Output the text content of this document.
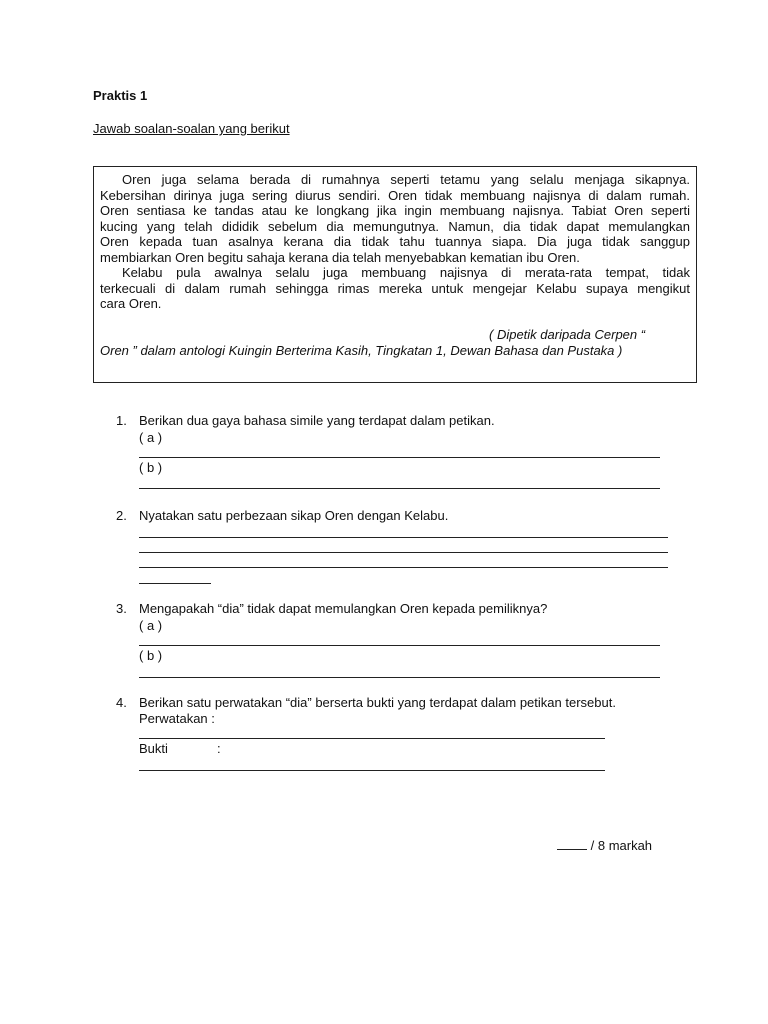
Praktis 1
Jawab soalan-soalan yang berikut

Oren juga selama berada di rumahnya seperti tetamu yang selalu menjaga sikapnya.

Kebersihan dirinya juga sering diurus sendiri. Oren tidak membuang najisnya di dalam rumah.

Oren sentiasa ke tandas atau ke longkang jika ingin membuang najisnya. Tabiat Oren seperti

kucing yang telah dididik sebelum dia memungutnya. Namun, dia tidak dapat memulangkan

Oren kepada tuan asalnya kerana dia tidak tahu tuannya siapa. Dia juga tidak sanggup

membiarkan Oren begitu sahaja kerana dia telah menyebabkan kematian ibu Oren.

Kelabu pula awalnya selalu juga membuang najisnya di merata-rata tempat, tidak

terkecuali di dalam rumah sehingga rimas mereka untuk mengejar Kelabu supaya mengikut

cara Oren.

( Dipetik daripada Cerpen “
Oren ” dalam antologi Kuingin Berterima Kasih, Tingkatan 1, Dewan Bahasa dan Pustaka )
1. Berikan dua gaya bahasa simile yang terdapat dalam petikan.
( a )
( b )
2. Nyatakan satu perbezaan sikap Oren dengan Kelabu.
3. Mengapakah “dia” tidak dapat memulangkan Oren kepada pemiliknya?
( a )
( b )
4. Berikan satu perwatakan “dia” berserta bukti yang terdapat dalam petikan tersebut.
Perwatakan :
Bukti	:
/ 8 markah
